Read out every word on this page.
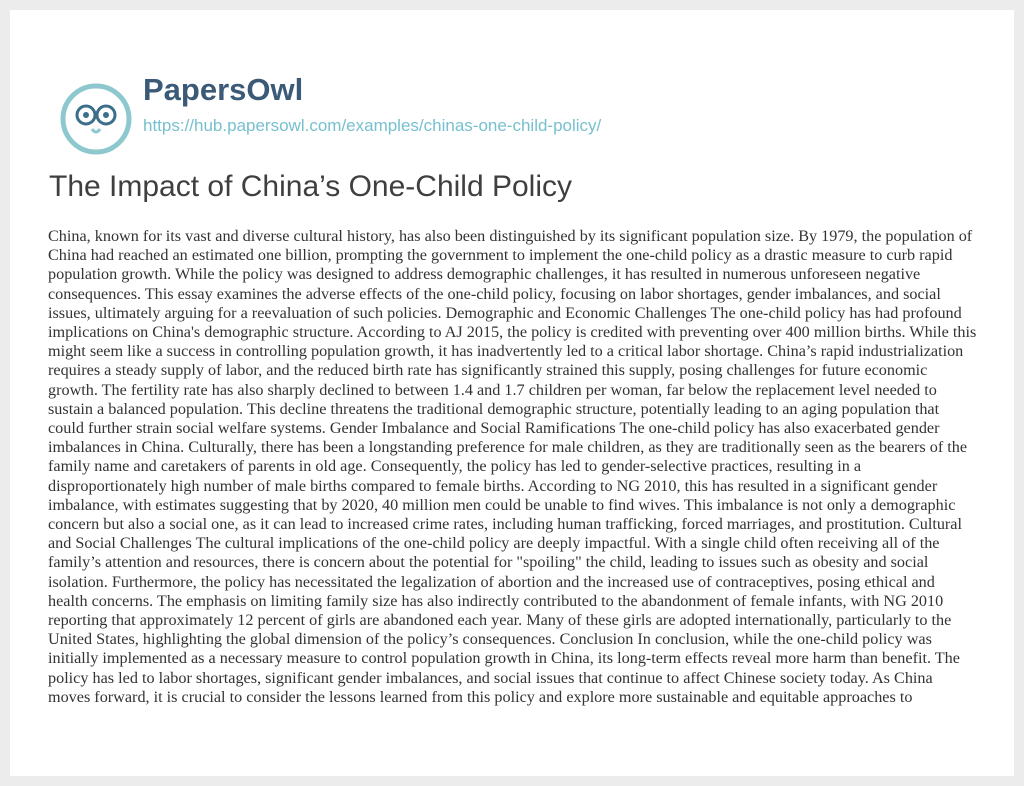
PapersOwl
https://hub.papersowl.com/examples/chinas-one-child-policy/
The Impact of China’s One-Child Policy

China, known for its vast and diverse cultural history, has also been distinguished by its significant population size. By 1979, the population of China had reached an estimated one billion, prompting the government to implement the one-child policy as a drastic measure to curb rapid population growth. While the policy was designed to address demographic challenges, it has resulted in numerous unforeseen negative consequences. This essay examines the adverse effects of the one-child policy, focusing on labor shortages, gender imbalances, and social issues, ultimately arguing for a reevaluation of such policies. Demographic and Economic Challenges The one-child policy has had profound implications on China's demographic structure. According to AJ 2015, the policy is credited with preventing over 400 million births. While this might seem like a success in controlling population growth, it has inadvertently led to a critical labor shortage. China’s rapid industrialization requires a steady supply of labor, and the reduced birth rate has significantly strained this supply, posing challenges for future economic growth. The fertility rate has also sharply declined to between 1.4 and 1.7 children per woman, far below the replacement level needed to sustain a balanced population. This decline threatens the traditional demographic structure, potentially leading to an aging population that could further strain social welfare systems. Gender Imbalance and Social Ramifications The one-child policy has also exacerbated gender imbalances in China. Culturally, there has been a longstanding preference for male children, as they are traditionally seen as the bearers of the family name and caretakers of parents in old age. Consequently, the policy has led to gender-selective practices, resulting in a disproportionately high number of male births compared to female births. According to NG 2010, this has resulted in a significant gender imbalance, with estimates suggesting that by 2020, 40 million men could be unable to find wives. This imbalance is not only a demographic concern but also a social one, as it can lead to increased crime rates, including human trafficking, forced marriages, and prostitution. Cultural and Social Challenges The cultural implications of the one-child policy are deeply impactful. With a single child often receiving all of the family’s attention and resources, there is concern about the potential for "spoiling" the child, leading to issues such as obesity and social isolation. Furthermore, the policy has necessitated the legalization of abortion and the increased use of contraceptives, posing ethical and health concerns. The emphasis on limiting family size has also indirectly contributed to the abandonment of female infants, with NG 2010 reporting that approximately 12 percent of girls are abandoned each year. Many of these girls are adopted internationally, particularly to the United States, highlighting the global dimension of the policy’s consequences. Conclusion In conclusion, while the one-child policy was initially implemented as a necessary measure to control population growth in China, its long-term effects reveal more harm than benefit. The policy has led to labor shortages, significant gender imbalances, and social issues that continue to affect Chinese society today. As China moves forward, it is crucial to consider the lessons learned from this policy and explore more sustainable and equitable approaches to
